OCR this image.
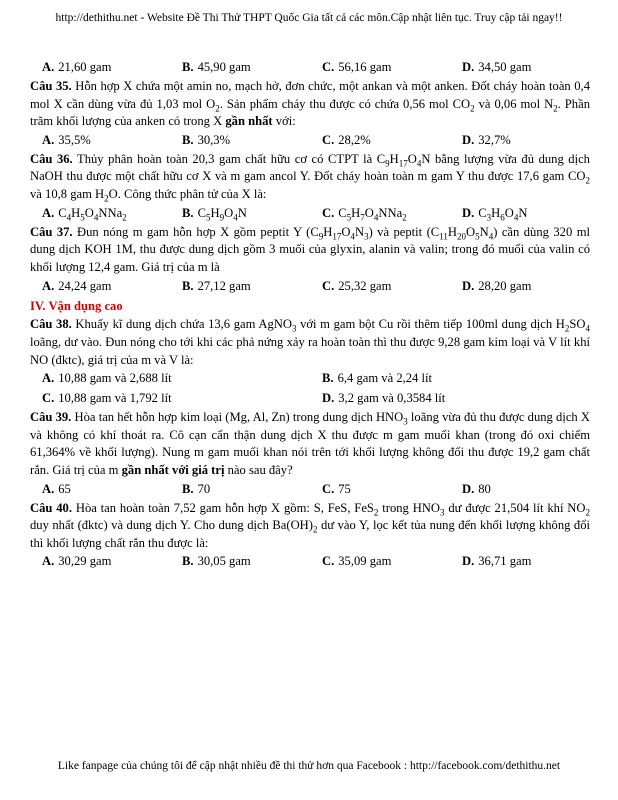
http://dethithu.net - Website Đề Thi Thử THPT Quốc Gia tất cả các môn.Cập nhật liên tục. Truy cập tải ngay!!
A. 21,60 gam	B. 45,90 gam	C. 56,16 gam	D. 34,50 gam

Câu 35. Hỗn hợp X chứa một amin no, mạch hở, đơn chức, một ankan và một anken. Đốt cháy hoàn toàn 0,4 mol X cần dùng vừa đủ 1,03 mol $O_2$. Sản phẩm cháy thu được có chứa 0,56 mol $CO_2$ và 0,06 mol $N_2$. Phần trăm khối lượng của anken có trong X gần nhất với:

A. 35,5%	B. 30,3%	C. 28,2%	D. 32,7%

Câu 36. Thủy phân hoàn toàn 20,3 gam chất hữu cơ có CTPT là $C_9H_{17}O_4N$ bằng lượng vừa đủ dung dịch NaOH thu được một chất hữu cơ X và m gam ancol Y. Đốt cháy hoàn toàn m gam Y thu được 17,6 gam $CO_2$ và 10,8 gam $H_2O$. Công thức phân tử của X là:

A. $C_4H_5O_4NNa_2$	B. $C_5H_9O_4N$	C. $C_5H_7O_4NNa_2$	D. $C_3H_6O_4N$

Câu 37. Đun nóng m gam hỗn hợp X gồm peptit Y $(C_9H_{17}O_4N_3)$ và peptit $(C_{11}H_{20}O_5N_4)$ cần dùng 320 ml dung dịch KOH 1M, thu được dung dịch gồm 3 muối của glyxin, alanin và valin; trong đó muối của valin có khối lượng 12,4 gam. Giá trị của m là

A. 24,24 gam	B. 27,12 gam	C. 25,32 gam	D. 28,20 gam

IV. Vận dụng cao

Câu 38. Khuấy kĩ dung dịch chứa 13,6 gam AgNO$_3$ với m gam bột Cu rồi thêm tiếp 100ml dung dịch $H_2SO_4$ loãng, dư vào. Đun nóng cho tới khi các phả nứng xảy ra hoàn toàn thì thu được 9,28 gam kim loại và V lít khí NO (đktc), giá trị của m và V là:

A. 10,88 gam và 2,688 lít	B. 6,4 gam và 2,24 lít
C. 10,88 gam và 1,792 lít	D. 3,2 gam và 0,3584 lít

Câu 39. Hòa tan hết hỗn hợp kim loại (Mg, Al, Zn) trong dung dịch $HNO_3$ loãng vừa đủ thu được dung dịch X và không có khí thoát ra. Cô cạn cẩn thận dung dịch X thu được m gam muối khan (trong đó oxi chiếm 61,364% về khối lượng). Nung m gam muối khan nói trên tới khối lượng không đổi thu được 19,2 gam chất rắn. Giá trị của m gần nhất với giá trị nào sau đây?

A. 65	B. 70	C. 75	D. 80

Câu 40. Hòa tan hoàn toàn 7,52 gam hỗn hợp X gồm: S, FeS, FeS$_2$ trong $HNO_3$ dư được 21,504 lít khí $NO_2$ duy nhất (đktc) và dung dịch Y. Cho dung dịch $Ba(OH)_2$ dư vào Y, lọc kết tủa nung đến khối lượng không đổi thì khối lượng chất rắn thu được là:

A. 30,29 gam	B. 30,05 gam	C. 35,09 gam	D. 36,71 gam
Like fanpage của chúng tôi để cập nhật nhiều đề thi thử hơn qua Facebook : http://facebook.com/dethithu.net
